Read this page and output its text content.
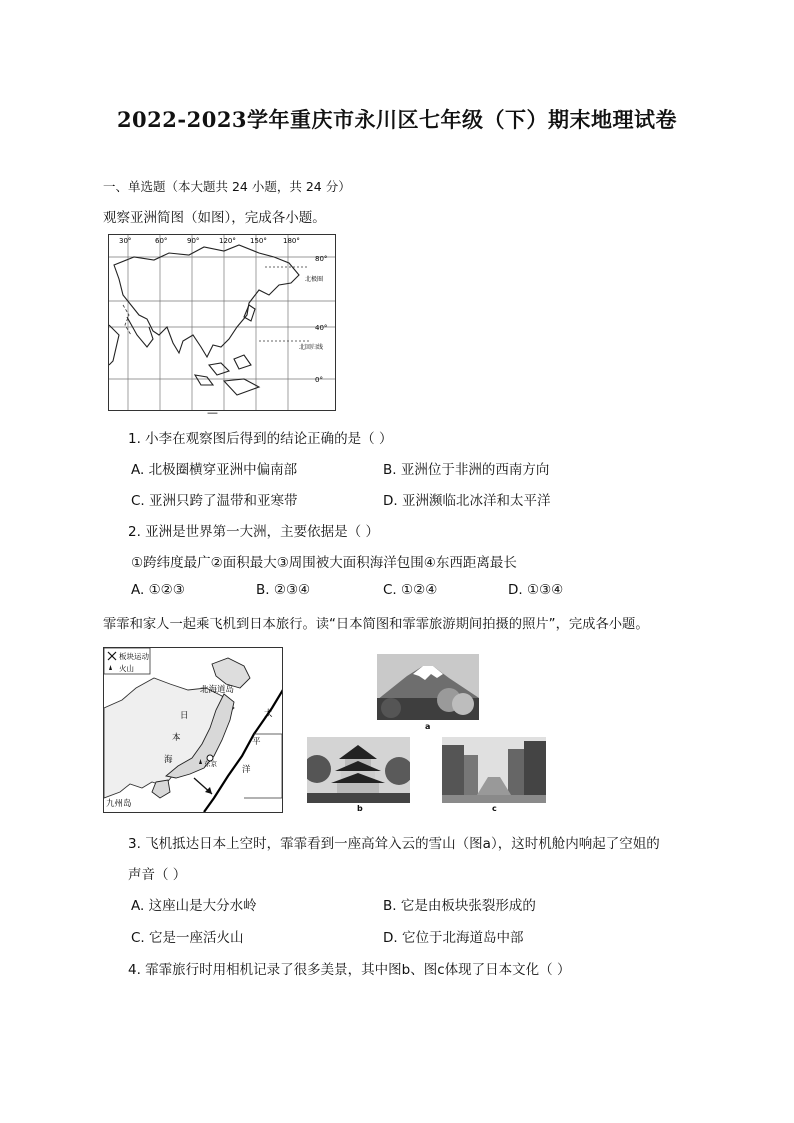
2022-2023学年重庆市永川区七年级（下）期末地理试卷
一、单选题（本大题共 24 小题，共 24 分）
观察亚洲简图（如图），完成各小题。
30°	60°	90°	120° 150° 180°
80°
40°
0°
北极圈
北回归线
—
1. 小李在观察图后得到的结论正确的是（ ）
A. 北极圈横穿亚洲中偏南部	B. 亚洲位于非洲的西南方向
C. 亚洲只跨了温带和亚寒带	D. 亚洲濒临北冰洋和太平洋
2. 亚洲是世界第一大洲，主要依据是（ ）
①跨纬度最广②面积最大③周围被大面积海洋包围④东西距离最长
A. ①②③	B. ②③④	C. ①②④	D. ①③④
霏霏和家人一起乘飞机到日本旅行。读“日本简图和霏霏旅游期间拍摄的照片”，完成各小题。
板块运动
火山
北海道岛
日
本
海
九州岛
太
平
洋
东京
a
b	c
3. 飞机抵达日本上空时，霏霏看到一座高耸入云的雪山（图a），这时机舱内响起了空姐的
声音（ ）
A. 这座山是大分水岭	B. 它是由板块张裂形成的
C. 它是一座活火山	D. 它位于北海道岛中部
4. 霏霏旅行时用相机记录了很多美景，其中图b、图c体现了日本文化（ ）
